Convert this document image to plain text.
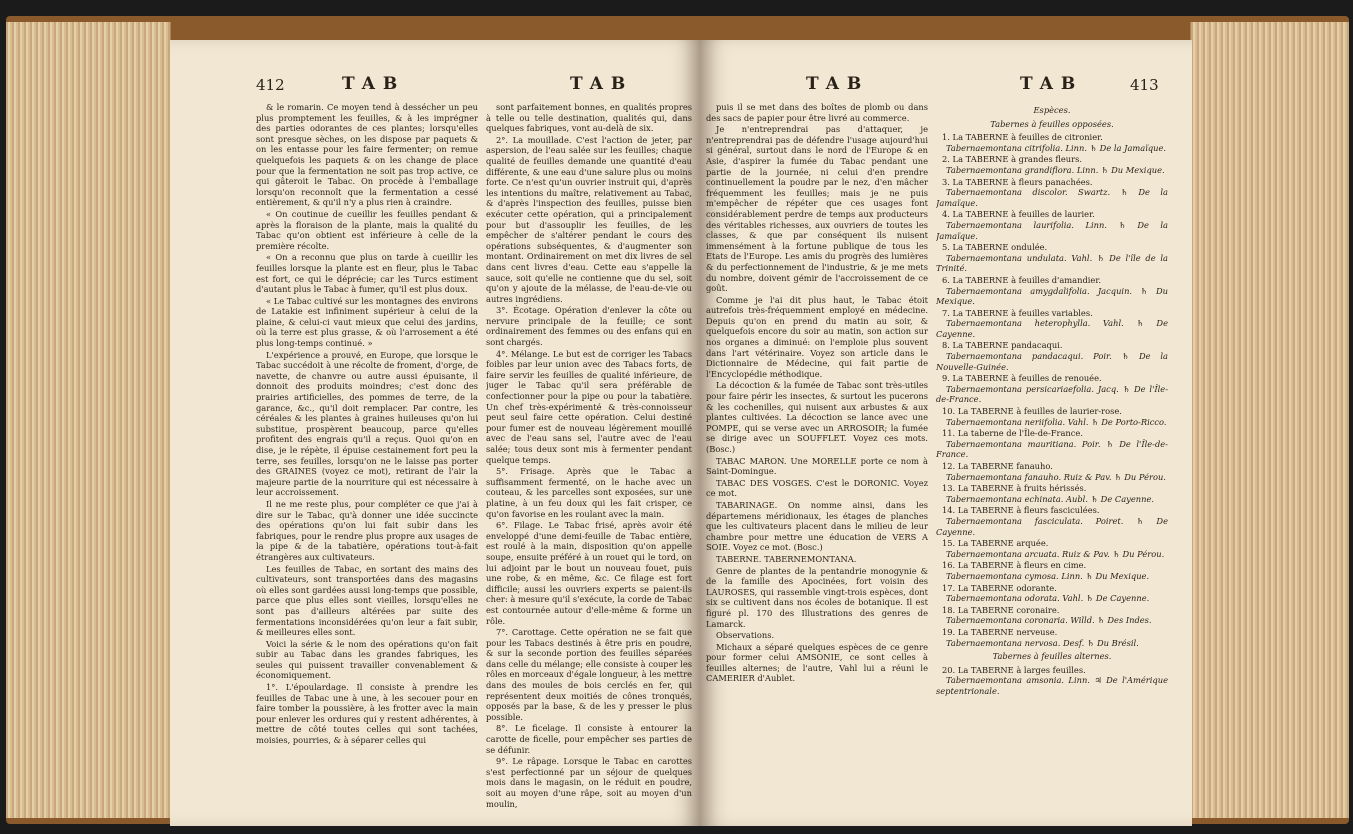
412	TAB	TAB

& le romarin. Ce moyen tend à dessécher un peu plus promptement les feuilles, & à les imprégner des parties odorantes de ces plantes; lorsqu'elles sont presque sèches, on les dispose par paquets & on les entasse pour les faire fermenter; on remue quelquefois les paquets & on les change de place pour que la fermentation ne soit pas trop active, ce qui gâteroit le Tabac. On procède à l'emballage lorsqu'on reconnoît que la fermentation a cessé entièrement, & qu'il n'y a plus rien à craindre.

« On coutinue de cueillir les feuilles pendant & après la floraison de la plante, mais la qualité du Tabac qu'on obtient est inférieure à celle de la première récolte.

« On a reconnu que plus on tarde à cueillir les feuilles lorsque la plante est en fleur, plus le Tabac est fort, ce qui le déprécie; car les Turcs estiment d'autant plus le Tabac à fumer, qu'il est plus doux.

« Le Tabac cultivé sur les montagnes des environs de Latakie est infiniment supérieur à celui de la plaine, & celui-ci vaut mieux que celui des jardins, où la terre est plus grasse, & où l'arrosement a été plus long-temps continué. »

L'expérience a prouvé, en Europe, que lorsque le Tabac succédoit à une récolte de froment, d'orge, de navette, de chanvre ou autre aussi épuisante, il donnoit des produits moindres; c'est donc des prairies artificielles, des pommes de terre, de la garance, &c., qu'il doit remplacer. Par contre, les céréales & les plantes à graines huileuses qu'on lui substitue, prospèrent beaucoup, parce qu'elles profitent des engrais qu'il a reçus. Quoi qu'on en dise, je le répète, il épuise cestainement fort peu la terre, ses feuilles, lorsqu'on ne le laisse pas porter des GRAINES (voyez ce mot), retirant de l'air la majeure partie de la nourriture qui est nécessaire à leur accroissement.

Il ne me reste plus, pour compléter ce que j'ai à dire sur le Tabac, qu'à donner une idée succincte des opérations qu'on lui fait subir dans les fabriques, pour le rendre plus propre aux usages de la pipe & de la tabatière, opérations tout-à-fait étrangères aux cultivateurs.

Les feuilles de Tabac, en sortant des mains des cultivateurs, sont transportées dans des magasins où elles sont gardées aussi long-temps que possible, parce que plus elles sont vieilles, lorsqu'elles ne sont pas d'ailleurs altérées par suite des fermentations inconsidérées qu'on leur a fait subir, & meilleures elles sont.

Voici la série & le nom des opérations qu'on fait subir au Tabac dans les grandes fabriques, les seules qui puissent travailler convenablement & économiquement.

1°. L'époulardage. Il consiste à prendre les feuilles de Tabac une à une, à les secouer pour en faire tomber la poussière, à les frotter avec la main pour enlever les ordures qui y restent adhérentes, à mettre de côté toutes celles qui sont tachées, moisies, pourries, & à séparer celles qui

sont parfaitement bonnes, en qualités propres à telle ou telle destination, qualités qui, dans quelques fabriques, vont au-delà de six.

2°. La mouillade. C'est l'action de jeter, par aspersion, de l'eau salée sur les feuilles; chaque qualité de feuilles demande une quantité d'eau différente, & une eau d'une salure plus ou moins forte. Ce n'est qu'un ouvrier instruit qui, d'après les intentions du maître, relativement au Tabac, & d'après l'inspection des feuilles, puisse bien exécuter cette opération, qui a principalement pour but d'assouplir les feuilles, de les empêcher de s'altérer pendant le cours des opérations subséquentes, & d'augmenter son montant. Ordinairement on met dix livres de sel dans cent livres d'eau. Cette eau s'appelle la sauce, soit qu'elle ne contienne que du sel, soit qu'on y ajoute de la mélasse, de l'eau-de-vie ou autres ingrédiens.

3°. Écotage. Opération d'enlever la côte ou nervure principale de la feuille; ce sont ordinairement des femmes ou des enfans qui en sont chargés.

4°. Mélange. Le but est de corriger les Tabacs foibles par leur union avec des Tabacs forts, de faire servir les feuilles de qualité inférieure, de juger le Tabac qu'il sera préférable de confectionner pour la pipe ou pour la tabatière. Un chef très-expérimenté & très-connoisseur peut seul faire cette opération. Celui destiné pour fumer est de nouveau légèrement mouillé avec de l'eau sans sel, l'autre avec de l'eau salée; tous deux sont mis à fermenter pendant quelque temps.

5°. Frisage. Après que le Tabac a suffisamment fermenté, on le hache avec un couteau, & les parcelles sont exposées, sur une platine, à un feu doux qui les fait crisper, ce qu'on favorise en les roulant avec la main.

6°. Filage. Le Tabac frisé, après avoir été enveloppé d'une demi-feuille de Tabac entière, est roulé à la main, disposition qu'on appelle soupe, ensuite préféré à un rouet qui le tord, on lui adjoint par le bout un nouveau fouet, puis une robe, & en même, &c. Ce filage est fort difficile; aussi les ouvriers experts se paient-ils cher: à mesure qu'il s'exécute, la corde de Tabac est contournée autour d'elle-même & forme un rôle.

7°. Carottage. Cette opération ne se fait que pour les Tabacs destinés à être pris en poudre, & sur la seconde portion des feuilles séparées dans celle du mélange; elle consiste à couper les rôles en morceaux d'égale longueur, à les mettre dans des moules de bois cerclés en fer, qui représentent deux moitiés de cônes tronqués, opposés par la base, & de les y presser le plus possible.

8°. Le ficelage. Il consiste à entourer la carotte de ficelle, pour empêcher ses parties de se défunir.

9°. Le râpage. Lorsque le Tabac en carottes s'est perfectionné par un séjour de quelques mois dans le magasin, on le réduit en poudre, soit au moyen d'une râpe, soit au moyen d'un moulin,

TAB	TAB	413

puis il se met dans des boîtes de plomb ou dans des sacs de papier pour être livré au commerce.

Je n'entreprendrai pas d'attaquer, je n'entreprendrai pas de défendre l'usage aujourd'hui si général, surtout dans le nord de l'Europe & en Asie, d'aspirer la fumée du Tabac pendant une partie de la journée, ni celui d'en prendre continuellement la poudre par le nez, d'en mâcher fréquemment les feuilles; mais je ne puis m'empêcher de répéter que ces usages font considérablement perdre de temps aux producteurs des véritables richesses, aux ouvriers de toutes les classes, & que par conséquent ils nuisent immensément à la fortune publique de tous les Etats de l'Europe. Les amis du progrès des lumières & du perfectionnement de l'industrie, & je me mets du nombre, doivent gémir de l'accroissement de ce goût.

Comme je l'ai dit plus haut, le Tabac étoit autrefois très-fréquemment employé en médecine. Depuis qu'on en prend du matin au soir, & quelquefois encore du soir au matin, son action sur nos organes a diminué: on l'emploie plus souvent dans l'art vétérinaire. Voyez son article dans le Dictionnaire de Médecine, qui fait partie de l'Encyclopédie méthodique.

La décoction & la fumée de Tabac sont très-utiles pour faire périr les insectes, & surtout les pucerons & les cochenilles, qui nuisent aux arbustes & aux plantes cultivées. La décoction se lance avec une POMPE, qui se verse avec un ARROSOIR; la fumée se dirige avec un SOUFFLET. Voyez ces mots. (Bosc.)

TABAC MARON. Une MORELLE porte ce nom à Saint-Domingue.

TABAC DES VOSGES. C'est le DORONIC. Voyez ce mot.

TABARINAGE. On nomme ainsi, dans les départemens méridionaux, les étages de planches que les cultivateurs placent dans le milieu de leur chambre pour mettre une éducation de VERS A SOIE. Voyez ce mot. (Bosc.)

TABERNE. TABERNEMONTANA.

Genre de plantes de la pentandrie monogynie & de la famille des Apocinées, fort voisin des LAUROSES, qui rassemble vingt-trois espèces, dont six se cultivent dans nos écoles de botanique. Il est figuré pl. 170 des Illustrations des genres de Lamarck.

Observations.

Michaux a séparé quelques espèces de ce genre pour former celui AMSONIE, ce sont celles à feuilles alternes; de l'autre, Vahl lui a réuni le CAMERIER d'Aublet.

Espèces.

Tabernes à feuilles opposées.

1. La TABERNE à feuilles de citronier.
Tabernaemontana citrifolia. Linn. ♄ De la Jamaïque.

2. La TABERNE à grandes fleurs.
Tabernaemontana grandiflora. Linn. ♄ Du Mexique.

3. La TABERNE à fleurs panachées.
Tabernaemontana discolor. Swartz. ♄ De la Jamaïque.

4. La TABERNE à feuilles de laurier.
Tabernaemontana laurifolia. Linn. ♄ De la Jamaïque.

5. La TABERNE ondulée.
Tabernaemontana undulata. Vahl. ♄ De l'île de la Trinité.

6. La TABERNE à feuilles d'amandier.
Tabernaemontana amygdalifolia. Jacquin. ♄ Du Mexique.

7. La TABERNE à feuilles variables.
Tabernaemontana heterophylla. Vahl. ♄ De Cayenne.

8. La TABERNE pandacaqui.
Tabernaemontana pandacaqui. Poir. ♄ De la Nouvelle-Guinée.

9. La TABERNE à feuilles de renouée.
Tabernaemontana persicariaefolia. Jacq. ♄ De l'Île-de-France.

10. La TABERNE à feuilles de laurier-rose.
Tabernaemontana neriifolia. Vahl. ♄ De Porto-Ricco.

11. La taberne de l'Île-de-France.
Tabernaemontana mauritiana. Poir. ♄ De l'Île-de-France.

12. La TABERNE fanauho.
Tabernaemontana fanauho. Ruiz & Pav. ♄ Du Pérou.

13. La TABERNE à fruits hérissés.
Tabernaemontana echinata. Aubl. ♄ De Cayenne.

14. La TABERNE à fleurs fasciculées.
Tabernaemontana fasciculata. Poiret. ♄ De Cayenne.

15. La TABERNE arquée.
Tabernaemontana arcuata. Ruiz & Pav. ♄ Du Pérou.

16. La TABERNE à fleurs en cime.
Tabernaemontana cymosa. Linn. ♄ Du Mexique.

17. La TABERNE odorante.
Tabernaemontana odorata. Vahl. ♄ De Cayenne.

18. La TABERNE coronaire.
Tabernaemontana coronaria. Willd. ♄ Des Indes.

19. La TABERNE nerveuse.
Tabernaemontana nervosa. Desf. ♄ Du Brésil.

Tabernes à feuilles alternes.

20. La TABERNE à larges feuilles.
Tabernaemontana amsonia. Linn. ♃ De l'Amérique septentrionale.
